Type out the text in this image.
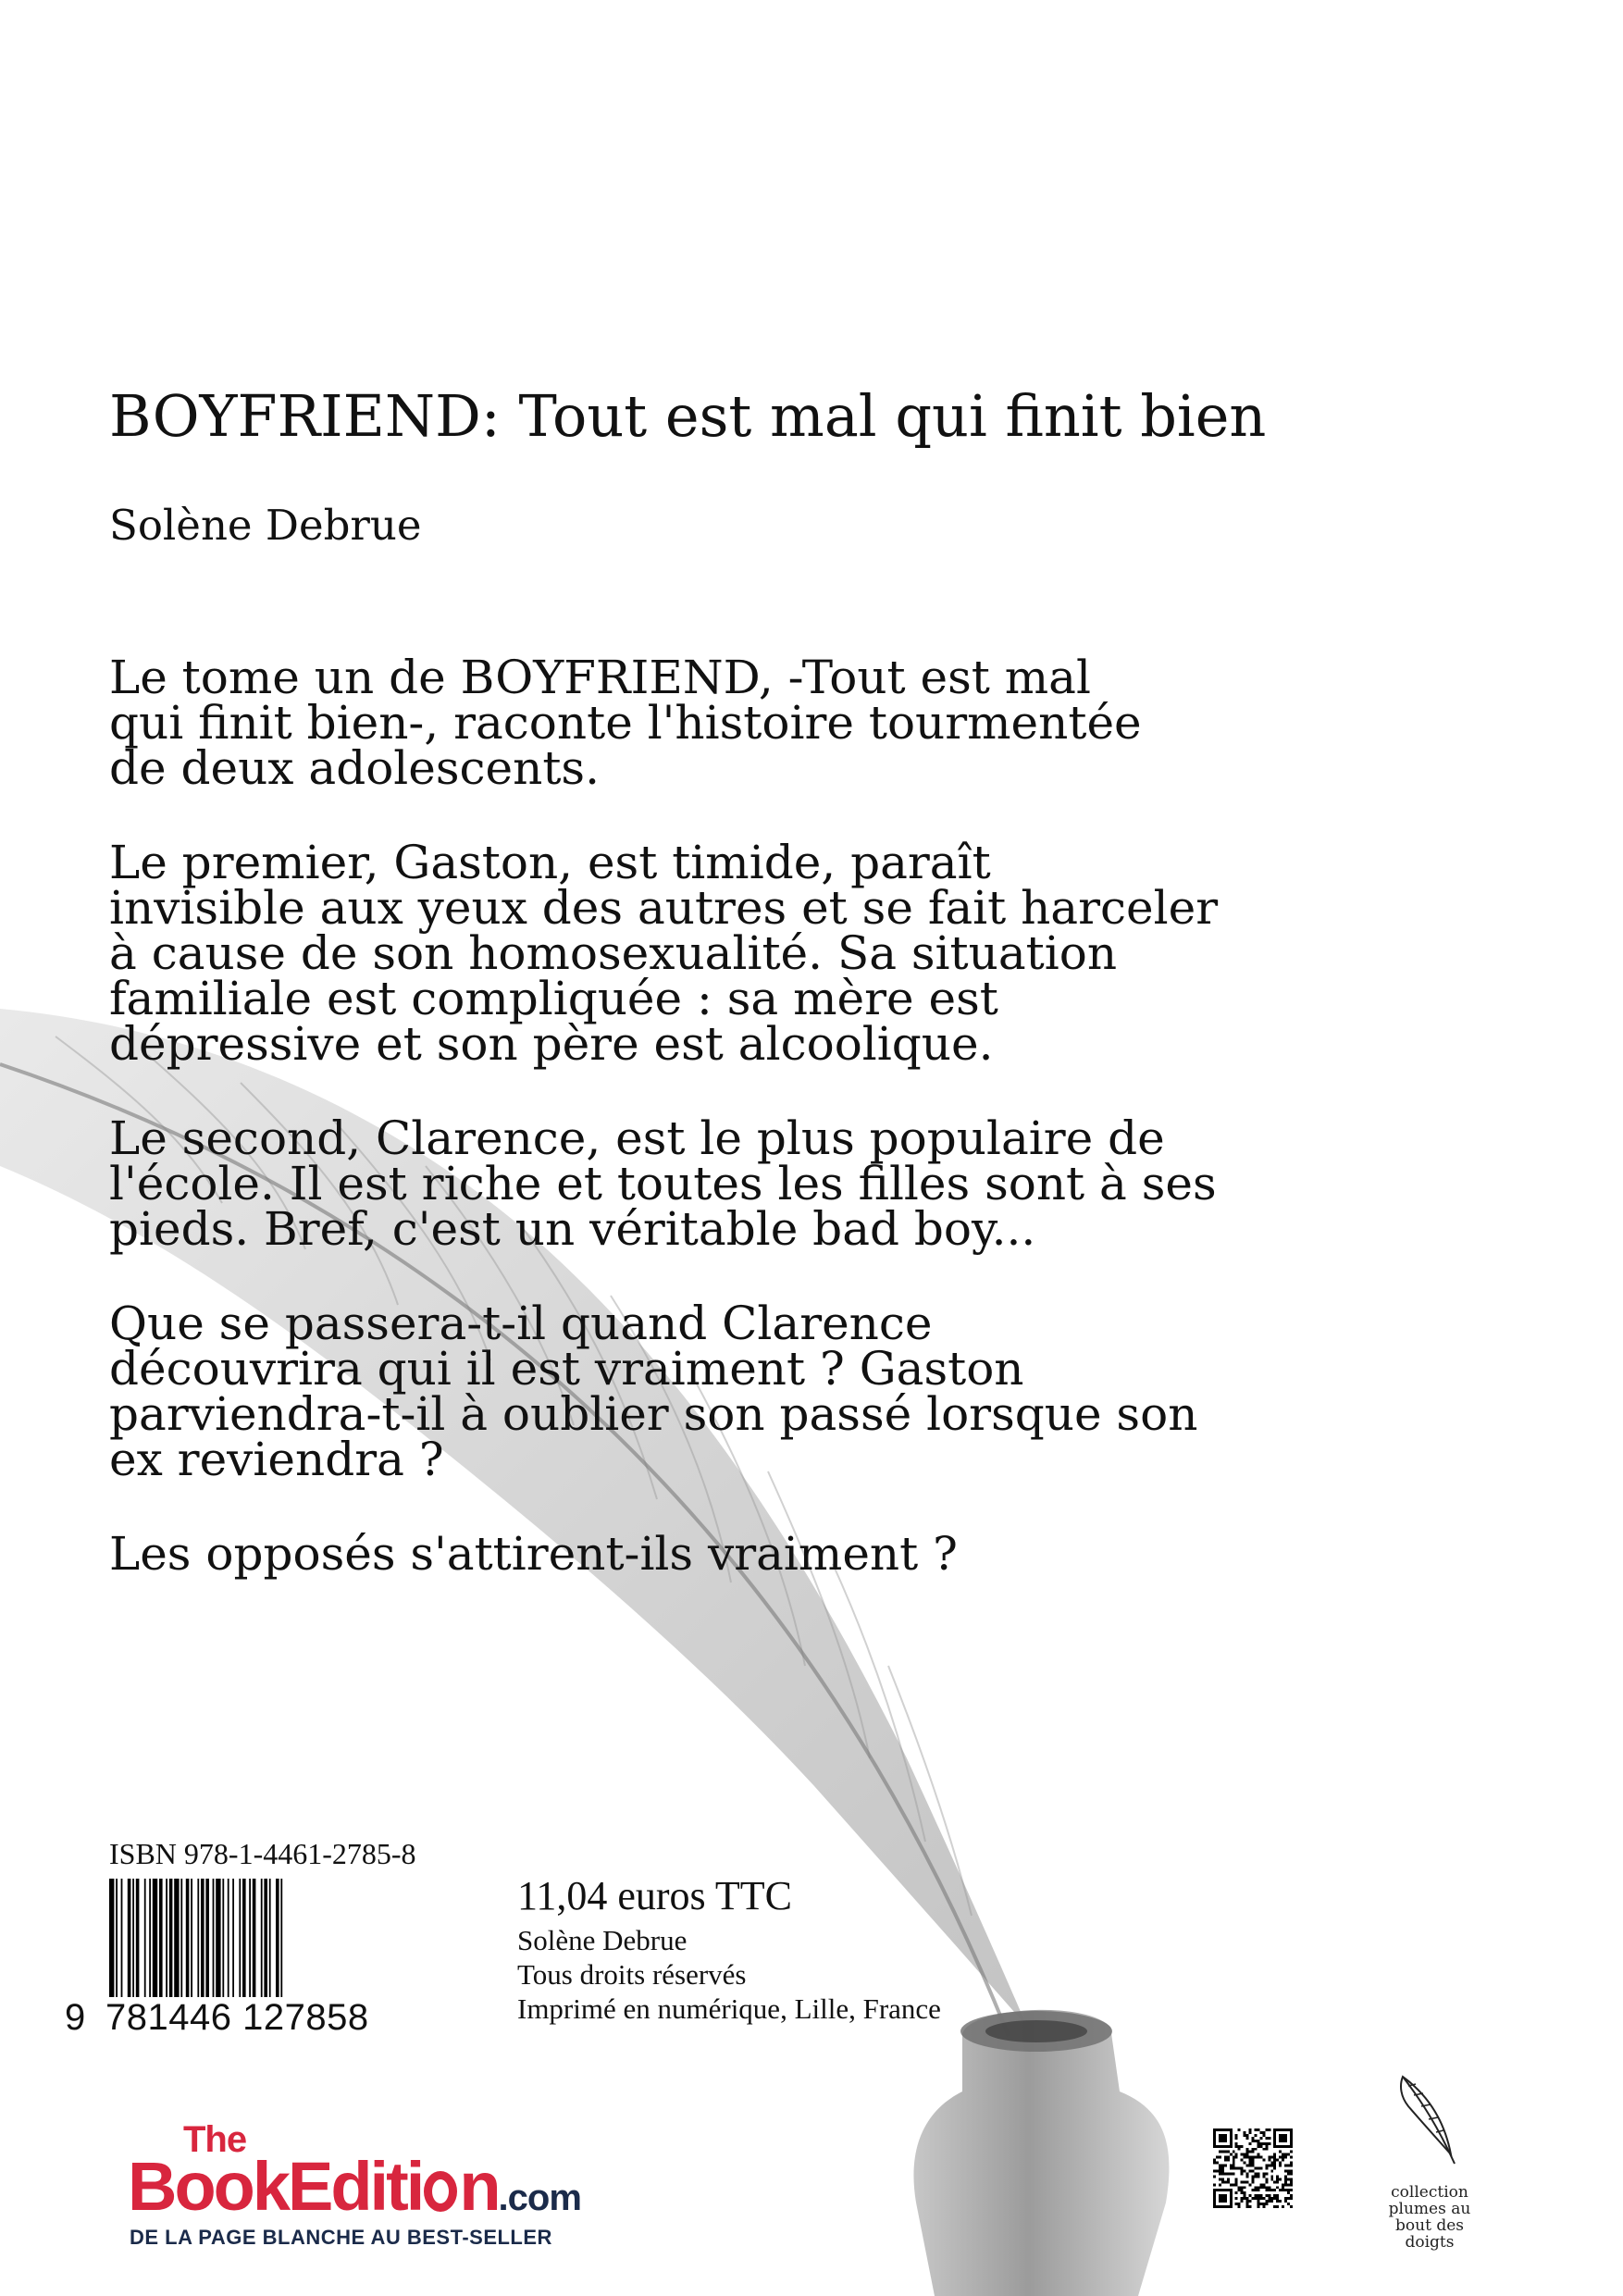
BOYFRIEND: Tout est mal qui finit bien
Solène Debrue

Le tome un de BOYFRIEND, -Tout est mal
qui finit bien-, raconte l'histoire tourmentée
de deux adolescents.

Le premier, Gaston, est timide, paraît
invisible aux yeux des autres et se fait harceler
à cause de son homosexualité. Sa situation
familiale est compliquée : sa mère est
dépressive et son père est alcoolique.

Le second, Clarence, est le plus populaire de
l'école. Il est riche et toutes les filles sont à ses
pieds. Bref, c'est un véritable bad boy...

Que se passera-t-il quand Clarence
découvrira qui il est vraiment ? Gaston
parviendra-t-il à oublier son passé lorsque son
ex reviendra ?

Les opposés s'attirent-ils vraiment ?

ISBN 978-1-4461-2785-8
9 781446 127858
11,04 euros TTC
Solène Debrue
Tous droits réservés
Imprimé en numérique, Lille, France
The
BookEditi n.com
DE LA PAGE BLANCHE AU BEST-SELLER
collection
plumes au
bout des
doigts
